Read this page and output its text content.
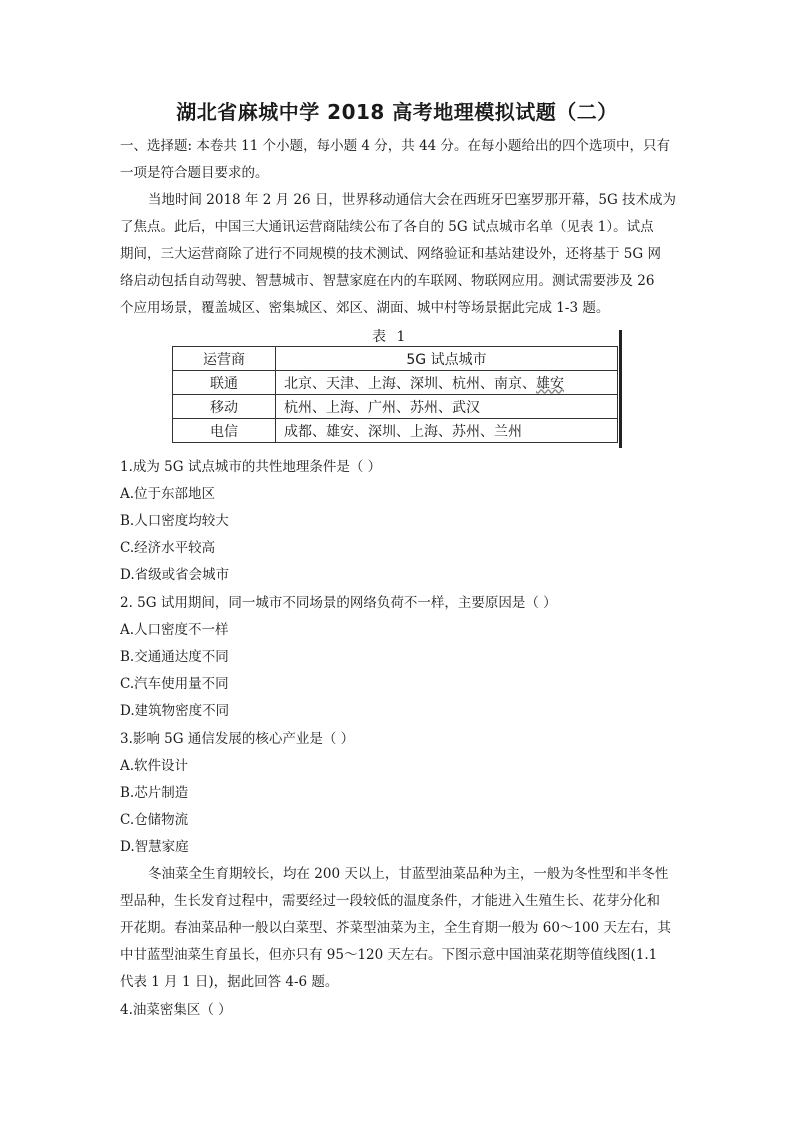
湖北省麻城中学 2018 高考地理模拟试题（二）
一、选择题: 本卷共 11 个小题，每小题 4 分，共 44 分。在每小题给出的四个选项中，只有
一项是符合题目要求的。
当地时间 2018 年 2 月 26 日，世界移动通信大会在西班牙巴塞罗那开幕，5G 技术成为
了焦点。此后，中国三大通讯运营商陆续公布了各自的 5G 试点城市名单（见表 1）。试点
期间，三大运营商除了进行不同规模的技术测试、网络验证和基站建设外，还将基于 5G 网
络启动包括自动驾驶、智慧城市、智慧家庭在内的车联网、物联网应用。测试需要涉及 26
个应用场景，覆盖城区、密集城区、郊区、湖面、城中村等场景据此完成 1-3 题。
表 1
运营商	5G 试点城市
联通	北京、天津、上海、深圳、杭州、南京、雄安
移动	杭州、上海、广州、苏州、武汉
电信	成都、雄安、深圳、上海、苏州、兰州
1.成为 5G 试点城市的共性地理条件是（ ）
A.位于东部地区
B.人口密度均较大
C.经济水平较高
D.省级或省会城市
2. 5G 试用期间，同一城市不同场景的网络负荷不一样，主要原因是（ ）
A.人口密度不一样
B.交通通达度不同
C.汽车使用量不同
D.建筑物密度不同
3.影响 5G 通信发展的核心产业是（ ）
A.软件设计
B.芯片制造
C.仓储物流
D.智慧家庭
冬油菜全生育期较长，均在 200 天以上，甘蓝型油菜品种为主，一般为冬性型和半冬性
型品种，生长发育过程中，需要经过一段较低的温度条件，才能进入生殖生长、花芽分化和
开花期。春油菜品种一般以白菜型、芥菜型油菜为主，全生育期一般为 60～100 天左右，其
中甘蓝型油菜生育虽长，但亦只有 95～120 天左右。下图示意中国油菜花期等值线图(1.1
代表 1 月 1 日)，据此回答 4-6 题。
4.油菜密集区（ ）
